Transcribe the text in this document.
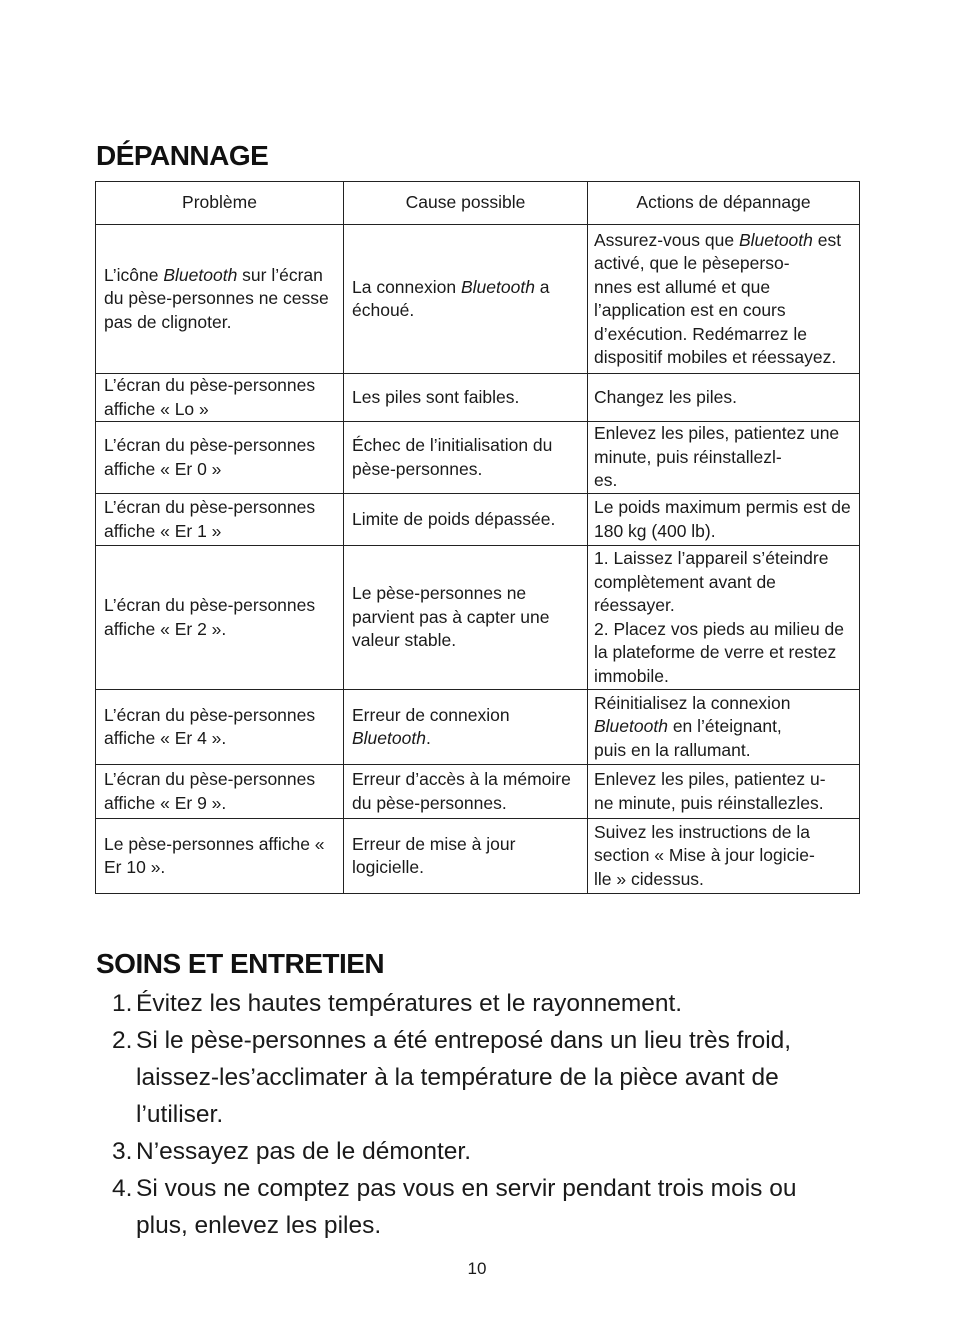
DÉPANNAGE
Problème	Cause possible	Actions de dépannage
L’icône Bluetooth sur l’écran du pèse-personnes ne cesse pas de clignoter.	La connexion Bluetooth a échoué.	Assurez-vous que Bluetooth est activé, que le pèseperso-
nnes est allumé et que l’application est en cours d’exécution. Redémarrez le dispositif mobiles et réessayez.
L’écran du pèse-personnes affiche « Lo »	Les piles sont faibles.	Changez les piles.
L’écran du pèse-personnes affiche « Er 0 »	Échec de l’initialisation du pèse-personnes.	Enlevez les piles, patientez une minute, puis réinstallezl-
es.
L’écran du pèse-personnes affiche « Er 1 »	Limite de poids dépassée.	Le poids maximum permis est de 180 kg (400 lb).
L’écran du pèse-personnes affiche « Er 2 ».	Le pèse-personnes ne parvient pas à capter une valeur stable.	1. Laissez l’appareil s’éteindre complètement avant de réessayer.
2. Placez vos pieds au milieu de la plateforme de verre et restez immobile.
L’écran du pèse-personnes affiche « Er 4 ».	Erreur de connexion Bluetooth.	Réinitialisez la connexion Bluetooth en l’éteignant,
puis en la rallumant.
L’écran du pèse-personnes affiche « Er 9 ».	Erreur d’accès à la mémoire du pèse-personnes.	Enlevez les piles, patientez u-
ne minute, puis réinstallezles.
Le pèse-personnes affiche « Er 10 ».	Erreur de mise à jour logicielle.	Suivez les instructions de la section « Mise à jour logicie-
lle » cidessus.
SOINS ET ENTRETIEN
1. Évitez les hautes températures et le rayonnement.
2. Si le pèse-personnes a été entreposé dans un lieu très froid, laissez-les’acclimater à la température de la pièce avant de l’utiliser.
3. N’essayez pas de le démonter.
4. Si vous ne comptez pas vous en servir pendant trois mois ou plus, enlevez les piles.
10
